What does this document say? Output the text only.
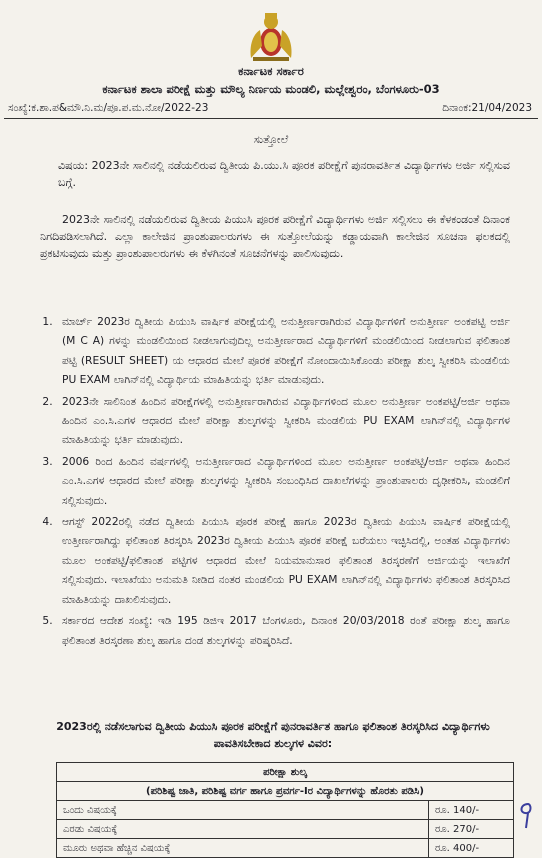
ಕರ್ನಾಟಕ ಸರ್ಕಾರ
ಕರ್ನಾಟಕ ಶಾಲಾ ಪರೀಕ್ಷೆ ಮತ್ತು ಮೌಲ್ಯ ನಿರ್ಣಯ ಮಂಡಲಿ, ಮಲ್ಲೇಶ್ವರಂ, ಬೆಂಗಳೂರು-03
ಸಂಖ್ಯೆ:ಕ.ಶಾ.ಪ&ಮೌ.ನಿ.ಮ/ಪೂ.ಪ.ಮ.ನೋ/2022-23	ದಿನಾಂಕ:21/04/2023
ಸುತ್ತೋಲೆ
ವಿಷಯ: 2023ನೇ ಸಾಲಿನಲ್ಲಿ ನಡೆಯಲಿರುವ ದ್ವಿತೀಯ ಪಿ.ಯು.ಸಿ ಪೂರಕ ಪರೀಕ್ಷೆಗೆ ಪುನರಾವರ್ತಿತ ವಿದ್ಯಾರ್ಥಿಗಳು ಅರ್ಜಿ ಸಲ್ಲಿಸುವ ಬಗ್ಗೆ.
2023ನೇ ಸಾಲಿನಲ್ಲಿ ನಡೆಯಲಿರುವ ದ್ವಿತೀಯ ಪಿಯುಸಿ ಪೂರಕ ಪರೀಕ್ಷೆಗೆ ವಿದ್ಯಾರ್ಥಿಗಳು ಅರ್ಜಿ ಸಲ್ಲಿಸಲು ಈ ಕೆಳಕಂಡಂತೆ ದಿನಾಂಕ ನಿಗದಿಪಡಿಸಲಾಗಿದೆ. ಎಲ್ಲಾ ಕಾಲೇಜಿನ ಪ್ರಾಂಶುಪಾಲರುಗಳು ಈ ಸುತ್ತೋಲೆಯನ್ನು ಕಡ್ಡಾಯವಾಗಿ ಕಾಲೇಜಿನ ಸೂಚನಾ ಫಲಕದಲ್ಲಿ ಪ್ರಕಟಿಸುವುದು ಮತ್ತು ಪ್ರಾಂಶುಪಾಲರುಗಳು ಈ ಕೆಳಗಿನಂತೆ ಸೂಚನೆಗಳನ್ನು ಪಾಲಿಸುವುದು.
1. ಮಾರ್ಚ್ 2023ರ ದ್ವಿತೀಯ ಪಿಯುಸಿ ವಾರ್ಷಿಕ ಪರೀಕ್ಷೆಯಲ್ಲಿ ಅನುತ್ತೀರ್ಣರಾಗಿರುವ ವಿದ್ಯಾರ್ಥಿಗಳಿಗೆ ಅನುತ್ತೀರ್ಣ ಅಂಕಪಟ್ಟಿ ಅರ್ಜಿ (M C A) ಗಳನ್ನು ಮಂಡಲಿಯಿಂದ ನೀಡಲಾಗುವುದಿಲ್ಲ ಅನುತ್ತೀರ್ಣರಾದ ವಿದ್ಯಾರ್ಥಿಗಳಿಗೆ ಮಂಡಲಿಯಿಂದ ನೀಡಲಾಗುವ ಫಲಿತಾಂಶ ಪಟ್ಟಿ (RESULT SHEET) ಯ ಆಧಾರದ ಮೇಲೆ ಪೂರಕ ಪರೀಕ್ಷೆಗೆ ನೋಂದಾಯಿಸಿಕೊಂಡು ಪರೀಕ್ಷಾ ಶುಲ್ಕ ಸ್ವೀಕರಿಸಿ ಮಂಡಲಿಯ PU EXAM ಲಾಗಿನ್‌ನಲ್ಲಿ ವಿದ್ಯಾರ್ಥಿಯ ಮಾಹಿತಿಯನ್ನು ಭರ್ತಿ ಮಾಡುವುದು.
2. 2023ನೇ ಸಾಲಿನಿಂತ ಹಿಂದಿನ ಪರೀಕ್ಷೆಗಳಲ್ಲಿ ಅನುತ್ತೀರ್ಣರಾಗಿರುವ ವಿದ್ಯಾರ್ಥಿಗಳಿಂದ ಮೂಲ ಅನುತ್ತೀರ್ಣ ಅಂಕಪಟ್ಟಿ/ಅರ್ಜಿ ಅಥವಾ ಹಿಂದಿನ ಎಂ.ಸಿ.ಎಗಳ ಆಧಾರದ ಮೇಲೆ ಪರೀಕ್ಷಾ ಶುಲ್ಕಗಳನ್ನು ಸ್ವೀಕರಿಸಿ ಮಂಡಲಿಯ PU EXAM ಲಾಗಿನ್‌ನಲ್ಲಿ ವಿದ್ಯಾರ್ಥಿಗಳ ಮಾಹಿತಿಯನ್ನು ಭರ್ತಿ ಮಾಡುವುದು.
3. 2006 ರಿಂದ ಹಿಂದಿನ ವರ್ಷಗಳಲ್ಲಿ ಅನುತ್ತೀರ್ಣರಾದ ವಿದ್ಯಾರ್ಥಿಗಳಿಂದ ಮೂಲ ಅನುತ್ತೀರ್ಣ ಅಂಕಪಟ್ಟಿ/ಅರ್ಜಿ ಅಥವಾ ಹಿಂದಿನ ಎಂ.ಸಿ.ಎಗಳ ಆಧಾರದ ಮೇಲೆ ಪರೀಕ್ಷಾ ಶುಲ್ಕಗಳನ್ನು ಸ್ವೀಕರಿಸಿ ಸಂಬಂಧಿಸಿದ ದಾಖಲೆಗಳನ್ನು ಪ್ರಾಂಶುಪಾಲರು ದೃಢೀಕರಿಸಿ, ಮಂಡಲಿಗೆ ಸಲ್ಲಿಸುವುದು.
4. ಆಗಸ್ಟ್ 2022ರಲ್ಲಿ ನಡೆದ ದ್ವಿತೀಯ ಪಿಯುಸಿ ಪೂರಕ ಪರೀಕ್ಷೆ ಹಾಗೂ 2023ರ ದ್ವಿತೀಯ ಪಿಯುಸಿ ವಾರ್ಷಿಕ ಪರೀಕ್ಷೆಯಲ್ಲಿ ಉತ್ತೀರ್ಣರಾಗಿದ್ದು ಫಲಿತಾಂಶ ತಿರಸ್ಕರಿಸಿ 2023ರ ದ್ವಿತೀಯ ಪಿಯುಸಿ ಪೂರಕ ಪರೀಕ್ಷೆ ಬರೆಯಲು ಇಚ್ಛಿಸಿದಲ್ಲಿ, ಅಂತಹ ವಿದ್ಯಾರ್ಥಿಗಳು ಮೂಲ ಅಂಕಪಟ್ಟಿ/ಫಲಿತಾಂಶ ಪಟ್ಟಿಗಳ ಆಧಾರದ ಮೇಲೆ ನಿಯಮಾನುಸಾರ ಫಲಿತಾಂಶ ತಿರಸ್ಕರಣೆಗೆ ಅರ್ಜಿಯನ್ನು ಇಲಾಖೆಗೆ ಸಲ್ಲಿಸುವುದು. ಇಲಾಖೆಯು ಅನುಮತಿ ನೀಡಿದ ನಂತರ ಮಂಡಲಿಯ PU EXAM ಲಾಗಿನ್‌ನಲ್ಲಿ ವಿದ್ಯಾರ್ಥಿಗಳು ಫಲಿತಾಂಶ ತಿರಸ್ಕರಿಸಿದ ಮಾಹಿತಿಯನ್ನು ದಾಖಲಿಸುವುದು.
5. ಸರ್ಕಾರದ ಆದೇಶ ಸಂಖ್ಯೆ: ಇಡಿ 195 ಡಿಜಿಇ 2017 ಬೆಂಗಳೂರು, ದಿನಾಂಕ 20/03/2018 ರಂತೆ ಪರೀಕ್ಷಾ ಶುಲ್ಕ ಹಾಗೂ ಫಲಿತಾಂಶ ತಿರಸ್ಕರಣಾ ಶುಲ್ಕ ಹಾಗೂ ದಂಡ ಶುಲ್ಕಗಳನ್ನು ಪರಿಷ್ಕರಿಸಿದೆ.
2023ರಲ್ಲಿ ನಡೆಸಲಾಗುವ ದ್ವಿತೀಯ ಪಿಯುಸಿ ಪೂರಕ ಪರೀಕ್ಷೆಗೆ ಪುನರಾವರ್ತಿತ ಹಾಗೂ ಫಲಿತಾಂಶ ತಿರಸ್ಕರಿಸಿದ ವಿದ್ಯಾರ್ಥಿಗಳು ಪಾವತಿಸಬೇಕಾದ ಶುಲ್ಕಗಳ ವಿವರ:
ಪರೀಕ್ಷಾ ಶುಲ್ಕ	
(ಪರಿಶಿಷ್ಟ ಜಾತಿ, ಪರಿಶಿಷ್ಟ ವರ್ಗ ಹಾಗೂ ಪ್ರವರ್ಗ-Iರ ವಿದ್ಯಾರ್ಥಿಗಳನ್ನು ಹೊರತು ಪಡಿಸಿ)	
ಒಂದು ವಿಷಯಕ್ಕೆ	ರೂ. 140/-
ಎರಡು ವಿಷಯಕ್ಕೆ	ರೂ. 270/-
ಮೂರು ಅಥವಾ ಹೆಚ್ಚಿನ ವಿಷಯಕ್ಕೆ	ರೂ. 400/-
